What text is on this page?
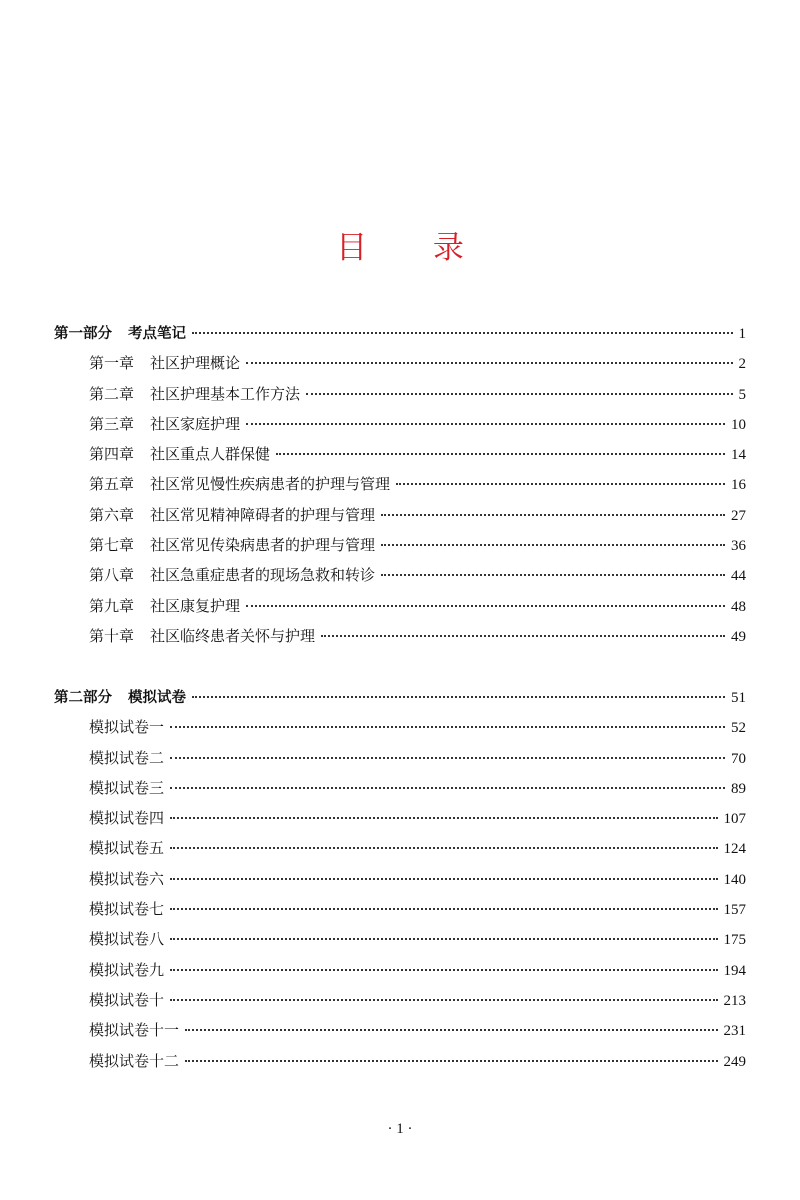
目 录
第一部分 考点笔记	1
第一章 社区护理概论	2
第二章 社区护理基本工作方法	5
第三章 社区家庭护理	10
第四章 社区重点人群保健	14
第五章 社区常见慢性疾病患者的护理与管理	16
第六章 社区常见精神障碍者的护理与管理	27
第七章 社区常见传染病患者的护理与管理	36
第八章 社区急重症患者的现场急救和转诊	44
第九章 社区康复护理	48
第十章 社区临终患者关怀与护理	49
第二部分 模拟试卷	51
模拟试卷一	52
模拟试卷二	70
模拟试卷三	89
模拟试卷四	107
模拟试卷五	124
模拟试卷六	140
模拟试卷七	157
模拟试卷八	175
模拟试卷九	194
模拟试卷十	213
模拟试卷十一	231
模拟试卷十二	249
· 1 ·
